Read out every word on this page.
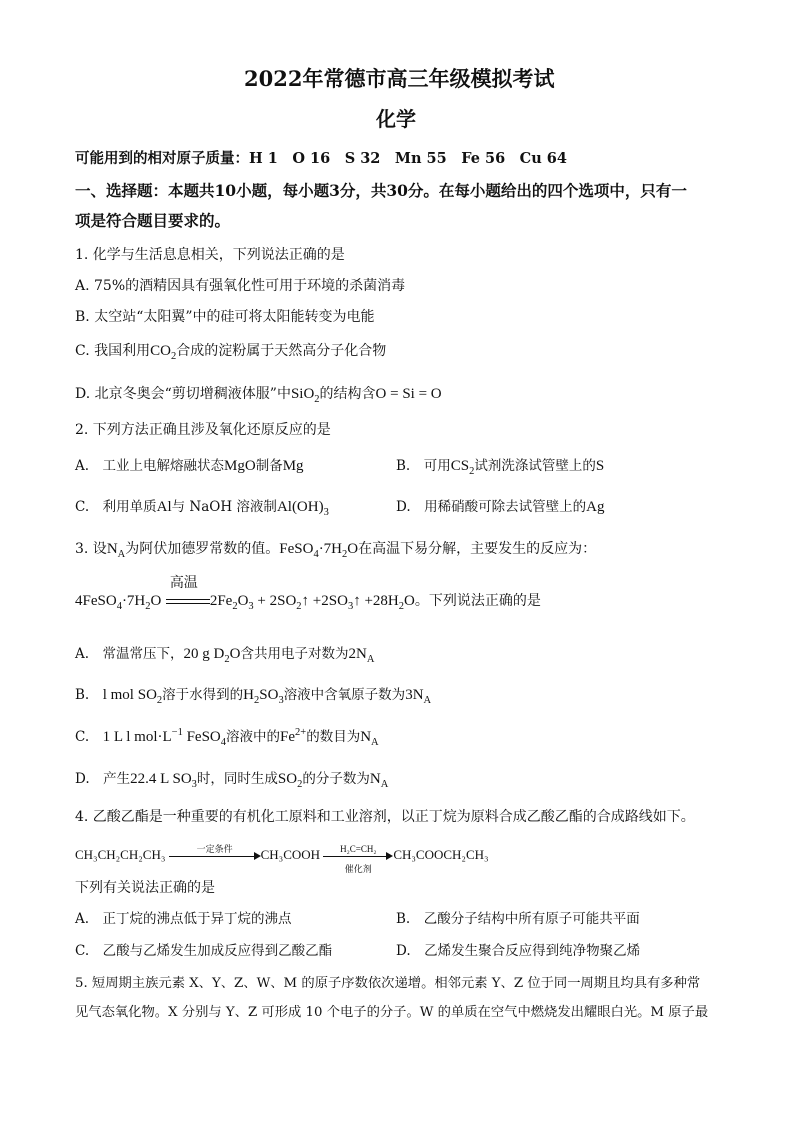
2022年常德市高三年级模拟考试
化学
可能用到的相对原子质量：H 1　O 16　S 32　Mn 55　Fe 56　Cu 64
一、选择题：本题共10小题，每小题3分，共30分。在每小题给出的四个选项中，只有一
项是符合题目要求的。
1. 化学与生活息息相关，下列说法正确的是
A. 75%的酒精因具有强氧化性可用于环境的杀菌消毒
B. 太空站“太阳翼”中的硅可将太阳能转变为电能
C. 我国利用$CO_2$合成的淀粉属于天然高分子化合物
D. 北京冬奥会“剪切增稠液体服”中SiO$_2$的结构含O = Si = O
2. 下列方法正确且涉及氧化还原反应的是
A.　工业上电解熔融状态MgO制备Mg	B.　可用$CS_2$试剂洗涤试管壁上的S
C.　利用单质Al与 NaOH 溶液制$Al(OH)_3$	D.　用稀硝酸可除去试管壁上的Ag
3. 设$N_A$为阿伏加德罗常数的值。$FeSO_4\cdot 7H_2O$在高温下易分解，主要发生的反应为：
$4FeSO_4\cdot 7H_2O$
高温
$2Fe_2O_3$ + $2SO_2↑$ $+2SO_3↑ +28H_2O$。下列说法正确的是
A.　常温常压下，20 g $D_2O$含共用电子对数为$2N_A$
B.　l mol $SO_2$溶于水得到的$H_2SO_3$溶液中含氧原子数为$3N_A$
C.　1 L l $mol\cdot L^{-1}$ FeSO$_4$溶液中的$Fe^{2+}$的数目为$N_A$
D.　产生22.4 L $SO_3$时，同时生成$SO_2$的分子数为$N_A$
4. 乙酸乙酯是一种重要的有机化工原料和工业溶剂，以正丁烷为原料合成乙酸乙酯的合成路线如下。
CH₃CH₂CH₂CH₃	一定条件	CH₃COOH	H₂C=CH₂
催化剂
CH₃COOCH₂CH₃
下列有关说法正确的是
A.　正丁烷的沸点低于异丁烷的沸点	B.　乙酸分子结构中所有原子可能共平面
C.　乙酸与乙烯发生加成反应得到乙酸乙酯	D.　乙烯发生聚合反应得到纯净物聚乙烯
5. 短周期主族元素 X、Y、Z、W、M 的原子序数依次递增。相邻元素 Y、Z 位于同一周期且均具有多种常
见气态氧化物。X 分别与 Y、Z 可形成 10 个电子的分子。W 的单质在空气中燃烧发出耀眼白光。M 原子最
